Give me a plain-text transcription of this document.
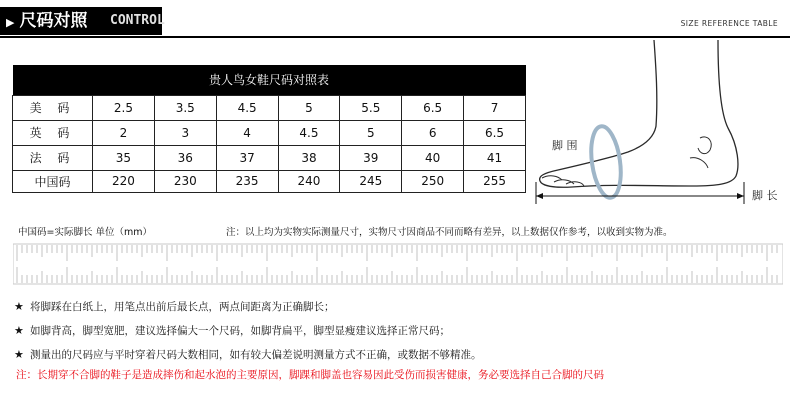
▶ 尺码对照	CONTROL	SIZE REFERENCE TABLE
贵人鸟女鞋尺码对照表							
美 码	2.5	3.5	4.5	5	5.5	6.5	7
英 码	2	3	4	4.5	5	6	6.5
法 码	35	36	37	38	39	40	41
中国码	220	230	235	240	245	250	255
脚 围
脚 长
中国码=实际脚长 单位（mm）	注：以上均为实物实际测量尺寸，实物尺寸因商品不同而略有差异，以上数据仅作参考，以收到实物为准。
★ 将脚踩在白纸上，用笔点出前后最长点，两点间距离为正确脚长；
★ 如脚背高，脚型宽肥，建议选择偏大一个尺码，如脚背扁平，脚型显瘦建议选择正常尺码；
★ 测量出的尺码应与平时穿着尺码大数相同，如有较大偏差说明测量方式不正确，或数据不够精准。
注：长期穿不合脚的鞋子是造成摔伤和起水泡的主要原因，脚踝和脚盖也容易因此受伤而损害健康，务必要选择自己合脚的尺码
